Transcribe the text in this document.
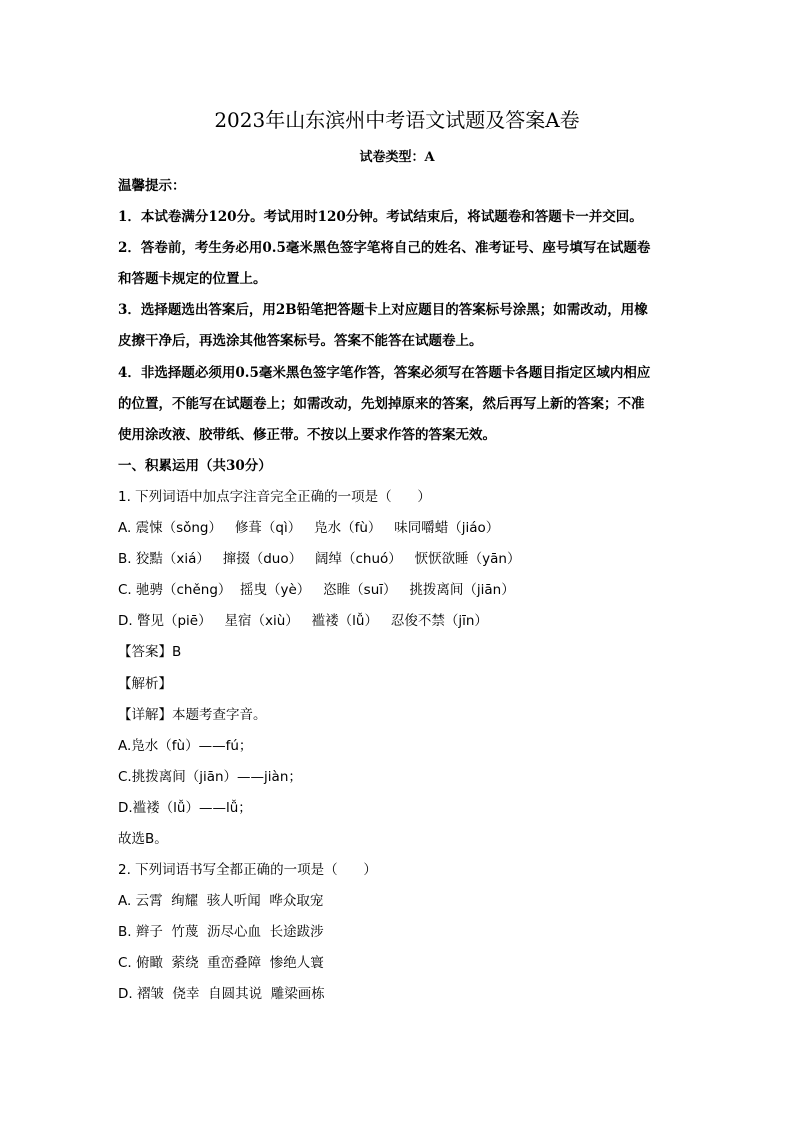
2023年山东滨州中考语文试题及答案A卷
试卷类型：A
温馨提示：
1．本试卷满分120分。考试用时120分钟。考试结束后，将试题卷和答题卡一并交回。
2．答卷前，考生务必用0.5毫米黑色签字笔将自己的姓名、准考证号、座号填写在试题卷
和答题卡规定的位置上。
3．选择题选出答案后，用2B铅笔把答题卡上对应题目的答案标号涂黑；如需改动，用橡
皮擦干净后，再选涂其他答案标号。答案不能答在试题卷上。
4．非选择题必须用0.5毫米黑色签字笔作答，答案必须写在答题卡各题目指定区域内相应
的位置，不能写在试题卷上；如需改动，先划掉原来的答案，然后再写上新的答案；不准
使用涂改液、胶带纸、修正带。不按以上要求作答的答案无效。
一、积累运用（共30分）
1. 下列词语中加点字注音完全正确的一项是（      ）
A. 震悚（sǒng）   修葺（qì）   凫水（fù）   味同嚼蜡（jiáo）
B. 狡黠（xiá）   撺掇（duo）   阔绰（chuó）   恹恹欲睡（yān）
C. 驰骋（chěng）  摇曳（yè）   恣睢（suī）   挑拨离间（jiān）
D. 瞥见（piē）   星宿（xiù）   褴褛（lǚ）   忍俊不禁（jīn）
【答案】B
【解析】
【详解】本题考查字音。
A.凫水（fù）——fú；
C.挑拨离间（jiān）——jiàn；
D.褴褛（lǚ）——lǚ；
故选B。
2. 下列词语书写全都正确的一项是（      ）
A. 云霄  绚耀  骇人听闻  哗众取宠
B. 辫子  竹蔑  沥尽心血  长途跋涉
C. 俯瞰  萦绕  重峦叠障  惨绝人寰
D. 褶皱  侥幸  自圆其说  雕梁画栋
